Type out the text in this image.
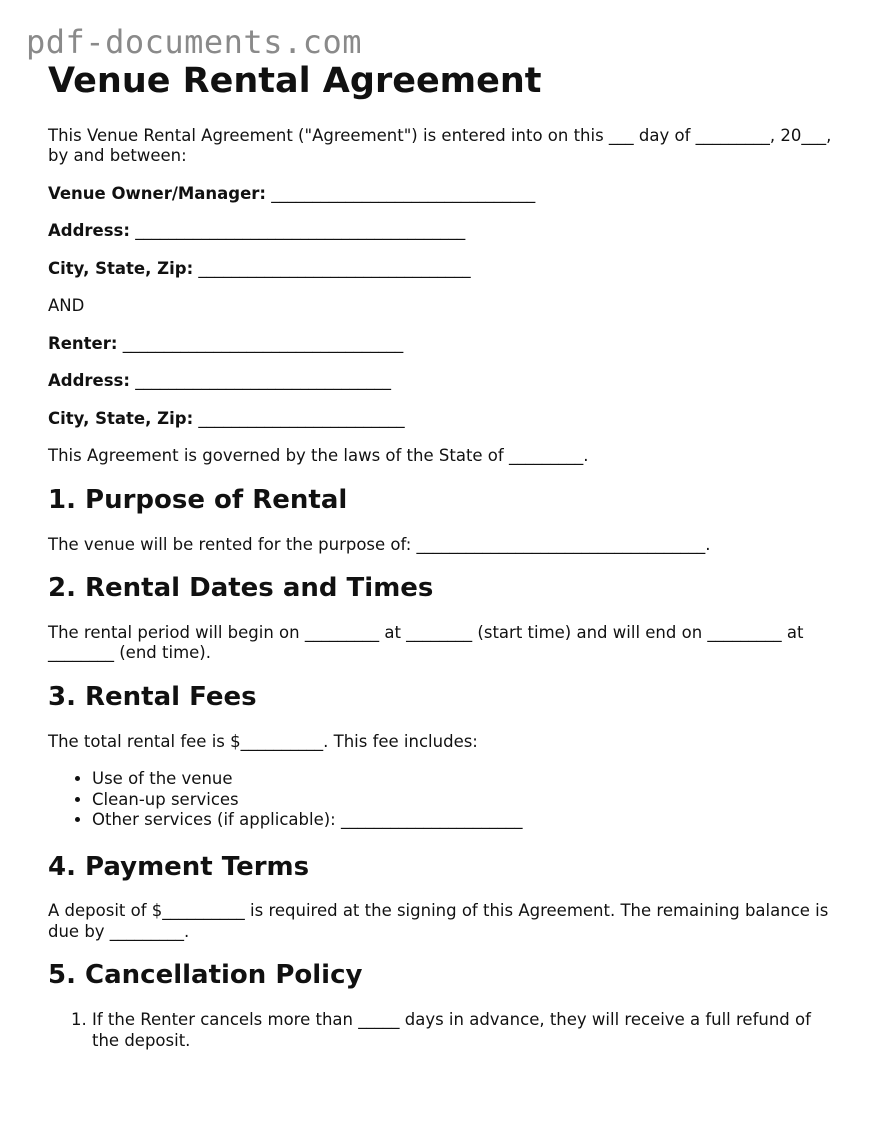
pdf-documents.com
Venue Rental Agreement

This Venue Rental Agreement ("Agreement") is entered into on this ___ day of _________, 20___, by and between:

Venue Owner/Manager: ________________________________

Address: ________________________________________

City, State, Zip: _________________________________

AND

Renter: __________________________________

Address: _______________________________

City, State, Zip: _________________________

This Agreement is governed by the laws of the State of _________.

1. Purpose of Rental

The venue will be rented for the purpose of: ___________________________________.

2. Rental Dates and Times

The rental period will begin on _________ at ________ (start time) and will end on _________ at ________ (end time).

3. Rental Fees

The total rental fee is $__________. This fee includes:

• Use of the venue
• Clean-up services
• Other services (if applicable): ______________________
4. Payment Terms

A deposit of $__________ is required at the signing of this Agreement. The remaining balance is due by _________.

5. Cancellation Policy
1. If the Renter cancels more than _____ days in advance, they will receive a full refund of the deposit.
